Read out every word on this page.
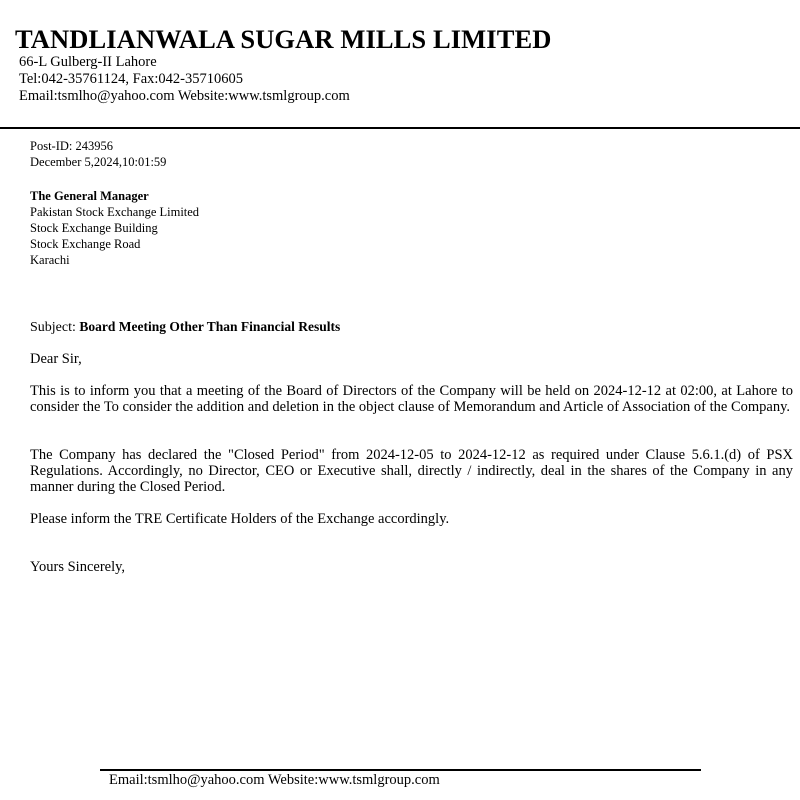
TANDLIANWALA SUGAR MILLS LIMITED
66-L Gulberg-II Lahore
Tel:042-35761124, Fax:042-35710605
Email:tsmlho@yahoo.com Website:www.tsmlgroup.com
Post-ID: 243956
December 5,2024,10:01:59
The General Manager
Pakistan Stock Exchange Limited
Stock Exchange Building
Stock Exchange Road
Karachi
Subject: Board Meeting Other Than Financial Results
Dear Sir,
This is to inform you that a meeting of the Board of Directors of the Company will be held on 2024-12-12 at 02:00, at Lahore to consider the To consider the addition and deletion in the object clause of Memorandum and Article of Association of the Company.
The Company has declared the "Closed Period" from 2024-12-05 to 2024-12-12 as required under Clause 5.6.1.(d) of PSX Regulations. Accordingly, no Director, CEO or Executive shall, directly / indirectly, deal in the shares of the Company in any manner during the Closed Period.
Please inform the TRE Certificate Holders of the Exchange accordingly.
Yours Sincerely,
Email:tsmlho@yahoo.com Website:www.tsmlgroup.com
